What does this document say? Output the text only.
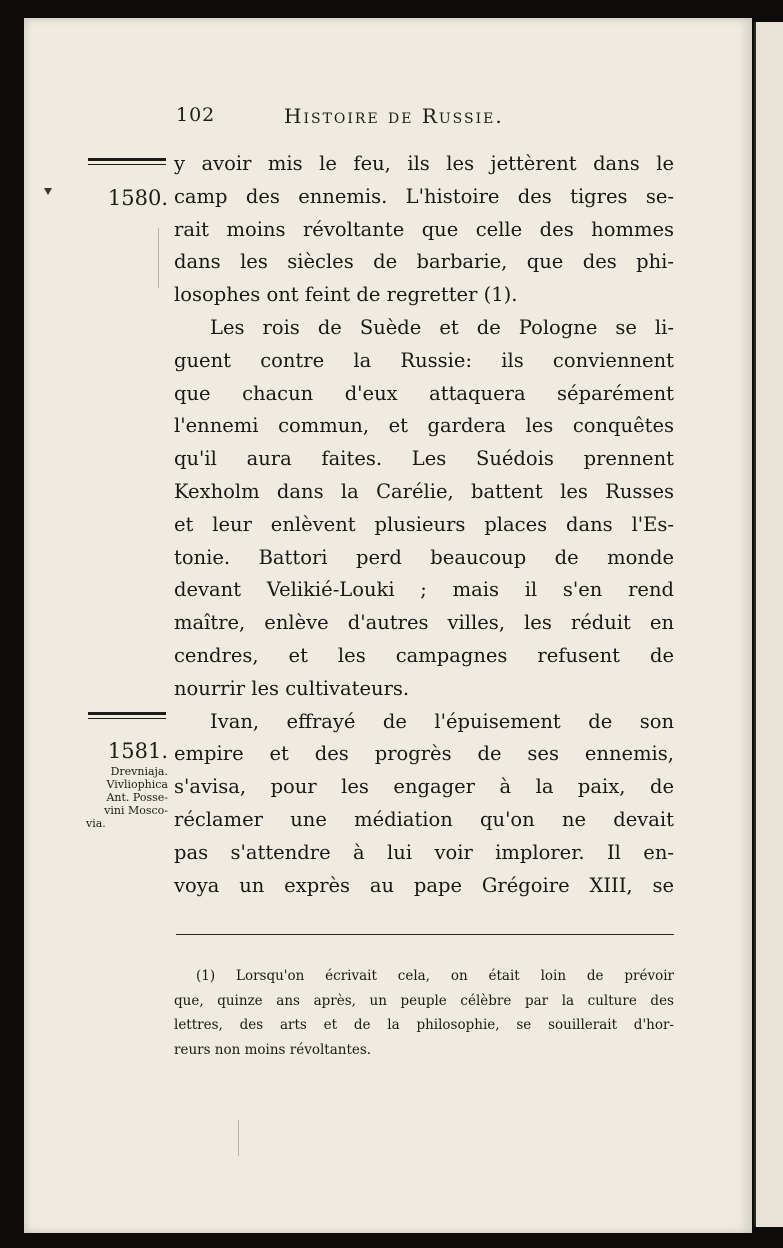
102	Histoire de Russie.
1580.
1581.
Drevniaja.
Vivliophica
Ant. Posse-
vini Mosco-
via.
y avoir mis le feu, ils les jettèrent dans le
camp des ennemis. L'histoire des tigres se-
rait moins révoltante que celle des hommes
dans les siècles de barbarie, que des phi-
losophes ont feint de regretter (1).
Les rois de Suède et de Pologne se li-
guent contre la Russie: ils conviennent
que chacun d'eux attaquera séparément
l'ennemi commun, et gardera les conquêtes
qu'il aura faites. Les Suédois prennent
Kexholm dans la Carélie, battent les Russes
et leur enlèvent plusieurs places dans l'Es-
tonie. Battori perd beaucoup de monde
devant Velikié-Louki ; mais il s'en rend
maître, enlève d'autres villes, les réduit en
cendres, et les campagnes refusent de
nourrir les cultivateurs.
Ivan, effrayé de l'épuisement de son
empire et des progrès de ses ennemis,
s'avisa, pour les engager à la paix, de
réclamer une médiation qu'on ne devait
pas s'attendre à lui voir implorer. Il en-
voya un exprès au pape Grégoire XIII, se
(1) Lorsqu'on écrivait cela, on était loin de prévoir
que, quinze ans après, un peuple célèbre par la culture des
lettres, des arts et de la philosophie, se souillerait d'hor-
reurs non moins révoltantes.
